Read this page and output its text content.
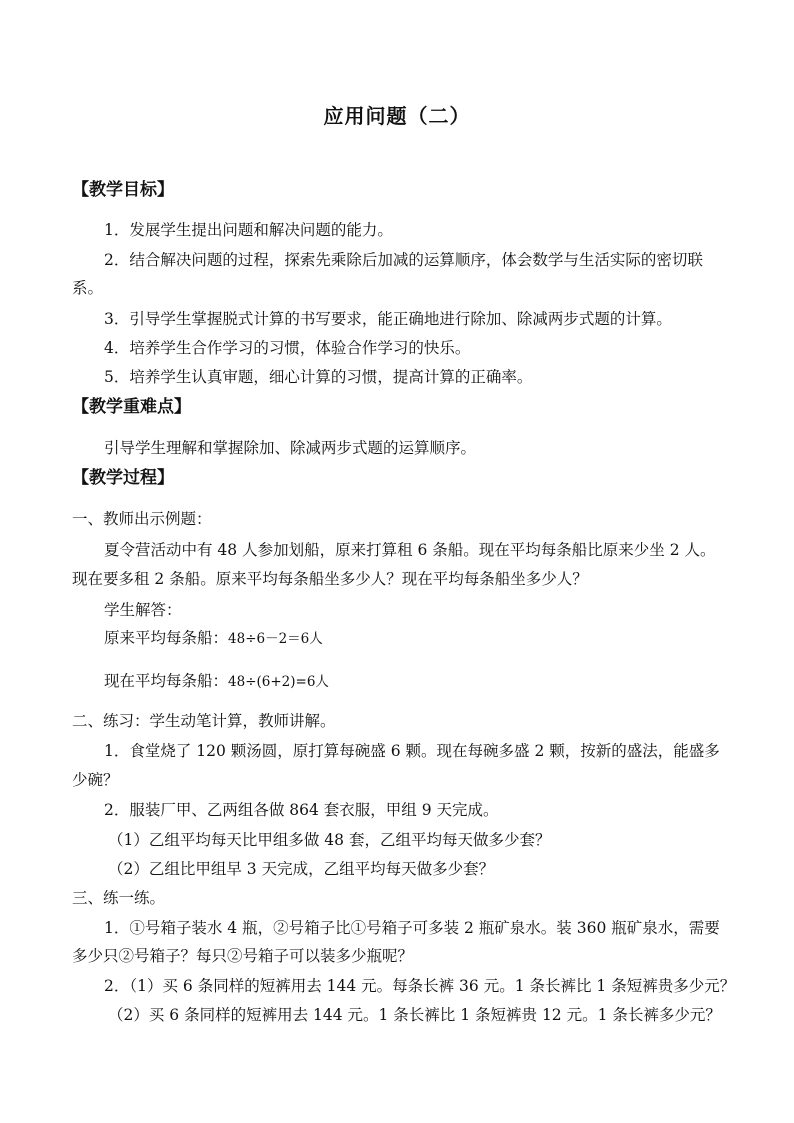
应用问题（二）
【教学目标】
1．发展学生提出问题和解决问题的能力。
2．结合解决问题的过程，探索先乘除后加减的运算顺序，体会数学与生活实际的密切联
系。
3．引导学生掌握脱式计算的书写要求，能正确地进行除加、除减两步式题的计算。
4．培养学生合作学习的习惯，体验合作学习的快乐。
5．培养学生认真审题，细心计算的习惯，提高计算的正确率。
【教学重难点】
引导学生理解和掌握除加、除减两步式题的运算顺序。
【教学过程】
一、教师出示例题：
夏令营活动中有 48 人参加划船，原来打算租 6 条船。现在平均每条船比原来少坐 2 人。
现在要多租 2 条船。原来平均每条船坐多少人？现在平均每条船坐多少人？
学生解答：
原来平均每条船：48÷6－2＝6人
现在平均每条船：48÷(6+2)=6人
二、练习：学生动笔计算，教师讲解。
1．食堂烧了 120 颗汤圆，原打算每碗盛 6 颗。现在每碗多盛 2 颗，按新的盛法，能盛多
少碗？
2．服装厂甲、乙两组各做 864 套衣服，甲组 9 天完成。
（1）乙组平均每天比甲组多做 48 套，乙组平均每天做多少套？
（2）乙组比甲组早 3 天完成，乙组平均每天做多少套？
三、练一练。
1．①号箱子装水 4 瓶，②号箱子比①号箱子可多装 2 瓶矿泉水。装 360 瓶矿泉水，需要
多少只②号箱子？每只②号箱子可以装多少瓶呢？
2．（1）买 6 条同样的短裤用去 144 元。每条长裤 36 元。1 条长裤比 1 条短裤贵多少元？
（2）买 6 条同样的短裤用去 144 元。1 条长裤比 1 条短裤贵 12 元。1 条长裤多少元？
